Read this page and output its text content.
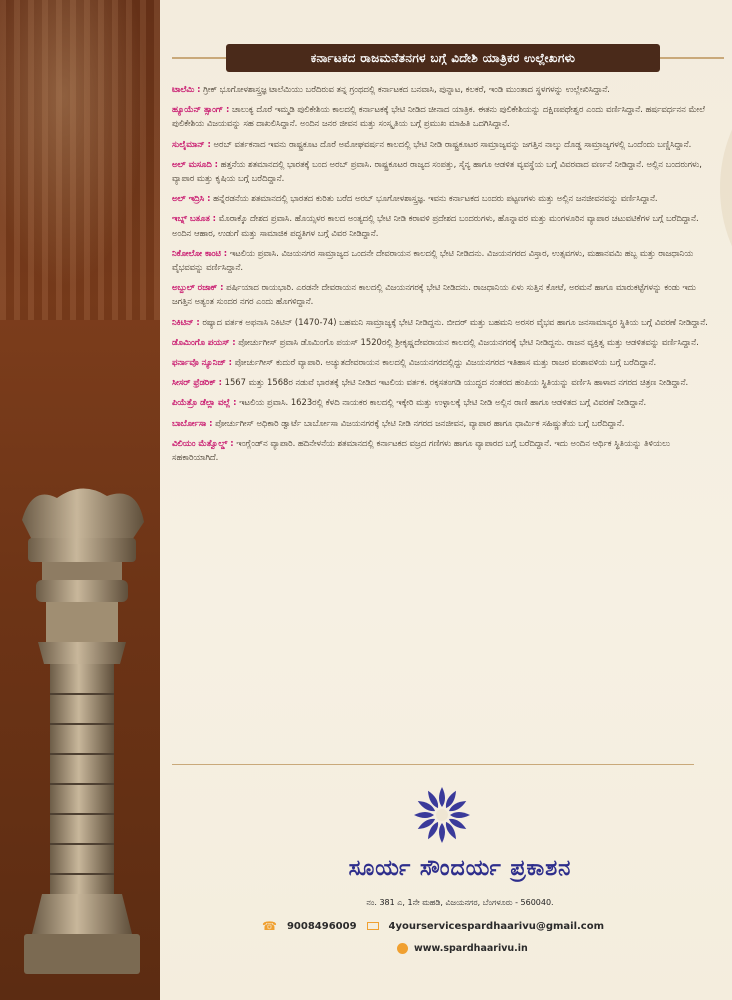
ಕರ್ನಾಟಕದ ರಾಜಮನೆತನಗಳ ಬಗ್ಗೆ ವಿದೇಶಿ ಯಾತ್ರಿಕರ ಉಲ್ಲೇಖಗಳು

ಟಾಲೆಮಿ : ಗ್ರೀಕ್ ಭೂಗೋಳಶಾಸ್ತ್ರಜ್ಞ ಟಾಲೆಮಿಯು ಬರೆದಿರುವ ತನ್ನ ಗ್ರಂಥದಲ್ಲಿ ಕರ್ನಾಟಕದ ಬನವಾಸಿ, ಪುನ್ನಾಟ, ಕಲಕರೆ, ಇಂಡಿ ಮುಂತಾದ ಸ್ಥಳಗಳನ್ನು ಉಲ್ಲೇಖಿಸಿದ್ದಾನೆ.

ಹ್ಯೂಯೆನ್ ತ್ಸಾಂಗ್ : ಚಾಲುಕ್ಯ ದೊರೆ ಇಮ್ಮಡಿ ಪುಲಿಕೇಶಿಯ ಕಾಲದಲ್ಲಿ ಕರ್ನಾಟಕಕ್ಕೆ ಭೇಟಿ ನೀಡಿದ ಚೀನಾದ ಯಾತ್ರಿಕ. ಈತನು ಪುಲಿಕೇಶಿಯನ್ನು ದಕ್ಷಿಣಪಥೇಶ್ವರ ಎಂದು ವರ್ಣಿಸಿದ್ದಾನೆ. ಹರ್ಷವರ್ಧನನ ಮೇಲೆ ಪುಲಿಕೇಶಿಯ ವಿಜಯವನ್ನು ಸಹ ದಾಖಲಿಸಿದ್ದಾನೆ. ಅಂದಿನ ಜನರ ಜೀವನ ಮತ್ತು ಸಂಸ್ಕೃತಿಯ ಬಗ್ಗೆ ಪ್ರಮುಖ ಮಾಹಿತಿ ಒದಗಿಸಿದ್ದಾನೆ.

ಸುಲೈಮಾನ್ : ಅರಬ್ ವರ್ತಕನಾದ ಇವನು ರಾಷ್ಟ್ರಕೂಟ ದೊರೆ ಅಮೋಘವರ್ಷನ ಕಾಲದಲ್ಲಿ ಭೇಟಿ ನೀಡಿ ರಾಷ್ಟ್ರಕೂಟರ ಸಾಮ್ರಾಜ್ಯವನ್ನು ಜಗತ್ತಿನ ನಾಲ್ಕು ದೊಡ್ಡ ಸಾಮ್ರಾಜ್ಯಗಳಲ್ಲಿ ಒಂದೆಂದು ಬಣ್ಣಿಸಿದ್ದಾನೆ.

ಅಲ್ ಮಸೂದಿ : ಹತ್ತನೆಯ ಶತಮಾನದಲ್ಲಿ ಭಾರತಕ್ಕೆ ಬಂದ ಅರಬ್ ಪ್ರವಾಸಿ. ರಾಷ್ಟ್ರಕೂಟರ ರಾಜ್ಯದ ಸಂಪತ್ತು, ಸೈನ್ಯ ಹಾಗೂ ಆಡಳಿತ ವ್ಯವಸ್ಥೆಯ ಬಗ್ಗೆ ವಿವರವಾದ ವರ್ಣನೆ ನೀಡಿದ್ದಾನೆ. ಅಲ್ಲಿನ ಬಂದರುಗಳು, ವ್ಯಾಪಾರ ಮತ್ತು ಕೃಷಿಯ ಬಗ್ಗೆ ಬರೆದಿದ್ದಾನೆ.

ಅಲ್ ಇದ್ರಿಸಿ : ಹನ್ನೆರಡನೆಯ ಶತಮಾನದಲ್ಲಿ ಭಾರತದ ಕುರಿತು ಬರೆದ ಅರಬ್ ಭೂಗೋಳಶಾಸ್ತ್ರಜ್ಞ. ಇವನು ಕರ್ನಾಟಕದ ಬಂದರು ಪಟ್ಟಣಗಳು ಮತ್ತು ಅಲ್ಲಿನ ಜನಜೀವನವನ್ನು ವರ್ಣಿಸಿದ್ದಾನೆ.

ಇಬ್ನ್ ಬತೂತ : ಮೊರಾಕ್ಕೊ ದೇಶದ ಪ್ರವಾಸಿ. ಹೊಯ್ಸಳರ ಕಾಲದ ಅಂತ್ಯದಲ್ಲಿ ಭೇಟಿ ನೀಡಿ ಕರಾವಳಿ ಪ್ರದೇಶದ ಬಂದರುಗಳು, ಹೊನ್ನಾವರ ಮತ್ತು ಮಂಗಳೂರಿನ ವ್ಯಾಪಾರ ಚಟುವಟಿಕೆಗಳ ಬಗ್ಗೆ ಬರೆದಿದ್ದಾನೆ. ಅಂದಿನ ಆಹಾರ, ಉಡುಗೆ ಮತ್ತು ಸಾಮಾಜಿಕ ಪದ್ಧತಿಗಳ ಬಗ್ಗೆ ವಿವರ ನೀಡಿದ್ದಾನೆ.

ನಿಕೋಲೋ ಕಾಂಟಿ : ಇಟಲಿಯ ಪ್ರವಾಸಿ. ವಿಜಯನಗರ ಸಾಮ್ರಾಜ್ಯದ ಒಂದನೇ ದೇವರಾಯನ ಕಾಲದಲ್ಲಿ ಭೇಟಿ ನೀಡಿದನು. ವಿಜಯನಗರದ ವಿಸ್ತಾರ, ಉತ್ಸವಗಳು, ಮಹಾನವಮಿ ಹಬ್ಬ ಮತ್ತು ರಾಜಧಾನಿಯ ವೈಭವವನ್ನು ವರ್ಣಿಸಿದ್ದಾನೆ.

ಅಬ್ದುಲ್ ರಜಾಕ್ : ಪರ್ಷಿಯಾದ ರಾಯಭಾರಿ. ಎರಡನೇ ದೇವರಾಯನ ಕಾಲದಲ್ಲಿ ವಿಜಯನಗರಕ್ಕೆ ಭೇಟಿ ನೀಡಿದನು. ರಾಜಧಾನಿಯ ಏಳು ಸುತ್ತಿನ ಕೋಟೆ, ಅರಮನೆ ಹಾಗೂ ಮಾರುಕಟ್ಟೆಗಳನ್ನು ಕಂಡು ಇದು ಜಗತ್ತಿನ ಅತ್ಯಂತ ಸುಂದರ ನಗರ ಎಂದು ಹೊಗಳಿದ್ದಾನೆ.

ನಿಕಿಟಿನ್ : ರಷ್ಯಾದ ವರ್ತಕ ಅಫನಾಸಿ ನಿಕಿಟಿನ್ (1470-74) ಬಹಮನಿ ಸಾಮ್ರಾಜ್ಯಕ್ಕೆ ಭೇಟಿ ನೀಡಿದ್ದನು. ಬೀದರ್ ಮತ್ತು ಬಹಮನಿ ಅರಸರ ವೈಭವ ಹಾಗೂ ಜನಸಾಮಾನ್ಯರ ಸ್ಥಿತಿಯ ಬಗ್ಗೆ ವಿವರಣೆ ನೀಡಿದ್ದಾನೆ.

ಡೊಮಿಂಗೊ ಪಯಸ್ : ಪೋರ್ಚುಗೀಸ್ ಪ್ರವಾಸಿ ಡೊಮಿಂಗೊ ಪಯಸ್ 1520ರಲ್ಲಿ ಶ್ರೀಕೃಷ್ಣದೇವರಾಯನ ಕಾಲದಲ್ಲಿ ವಿಜಯನಗರಕ್ಕೆ ಭೇಟಿ ನೀಡಿದ್ದನು. ರಾಜನ ವ್ಯಕ್ತಿತ್ವ ಮತ್ತು ಆಡಳಿತವನ್ನು ವರ್ಣಿಸಿದ್ದಾನೆ.

ಫರ್ನಾವೊ ನ್ಯೂನಿಜ್ : ಪೋರ್ಚುಗೀಸ್ ಕುದುರೆ ವ್ಯಾಪಾರಿ. ಅಚ್ಯುತದೇವರಾಯನ ಕಾಲದಲ್ಲಿ ವಿಜಯನಗರದಲ್ಲಿದ್ದು ವಿಜಯನಗರದ ಇತಿಹಾಸ ಮತ್ತು ರಾಜರ ವಂಶಾವಳಿಯ ಬಗ್ಗೆ ಬರೆದಿದ್ದಾನೆ.

ಸೀಸರ್ ಫ್ರೆಡರಿಕ್ : 1567 ಮತ್ತು 1568ರ ನಡುವೆ ಭಾರತಕ್ಕೆ ಭೇಟಿ ನೀಡಿದ ಇಟಲಿಯ ವರ್ತಕ. ರಕ್ಕಸತಂಗಡಿ ಯುದ್ಧದ ನಂತರದ ಹಂಪಿಯ ಸ್ಥಿತಿಯನ್ನು ವರ್ಣಿಸಿ ಹಾಳಾದ ನಗರದ ಚಿತ್ರಣ ನೀಡಿದ್ದಾನೆ.

ಪಿಯೆತ್ರೊ ಡೆಲ್ಲಾ ವಲ್ಲೆ : ಇಟಲಿಯ ಪ್ರವಾಸಿ. 1623ರಲ್ಲಿ ಕೆಳದಿ ನಾಯಕರ ಕಾಲದಲ್ಲಿ ಇಕ್ಕೇರಿ ಮತ್ತು ಉಳ್ಳಾಲಕ್ಕೆ ಭೇಟಿ ನೀಡಿ ಅಲ್ಲಿನ ರಾಣಿ ಹಾಗೂ ಆಡಳಿತದ ಬಗ್ಗೆ ವಿವರಣೆ ನೀಡಿದ್ದಾನೆ.

ಬಾರ್ಬೋಸಾ : ಪೋರ್ಚುಗೀಸ್ ಅಧಿಕಾರಿ ಡ್ವಾರ್ಟೆ ಬಾರ್ಬೋಸಾ ವಿಜಯನಗರಕ್ಕೆ ಭೇಟಿ ನೀಡಿ ನಗರದ ಜನಜೀವನ, ವ್ಯಾಪಾರ ಹಾಗೂ ಧಾರ್ಮಿಕ ಸಹಿಷ್ಣುತೆಯ ಬಗ್ಗೆ ಬರೆದಿದ್ದಾನೆ.

ವಿಲಿಯಂ ಮೆತ್ವೊಲ್ಡ್ : ಇಂಗ್ಲೆಂಡ್‌ನ ವ್ಯಾಪಾರಿ. ಹದಿನೇಳನೆಯ ಶತಮಾನದಲ್ಲಿ ಕರ್ನಾಟಕದ ವಜ್ರದ ಗಣಿಗಳು ಹಾಗೂ ವ್ಯಾಪಾರದ ಬಗ್ಗೆ ಬರೆದಿದ್ದಾನೆ. ಇದು ಅಂದಿನ ಆರ್ಥಿಕ ಸ್ಥಿತಿಯನ್ನು ತಿಳಿಯಲು ಸಹಕಾರಿಯಾಗಿದೆ.

ಸೂರ್ಯ ಸೌಂದರ್ಯ ಪ್ರಕಾಶನ
ನಂ. 381 ಎ, 1ನೇ ಮಹಡಿ, ವಿಜಯನಗರ, ಬೆಂಗಳೂರು - 560040.
☎ 9008496009	4yourservicespardhaarivu@gmail.com
www.spardhaarivu.in
